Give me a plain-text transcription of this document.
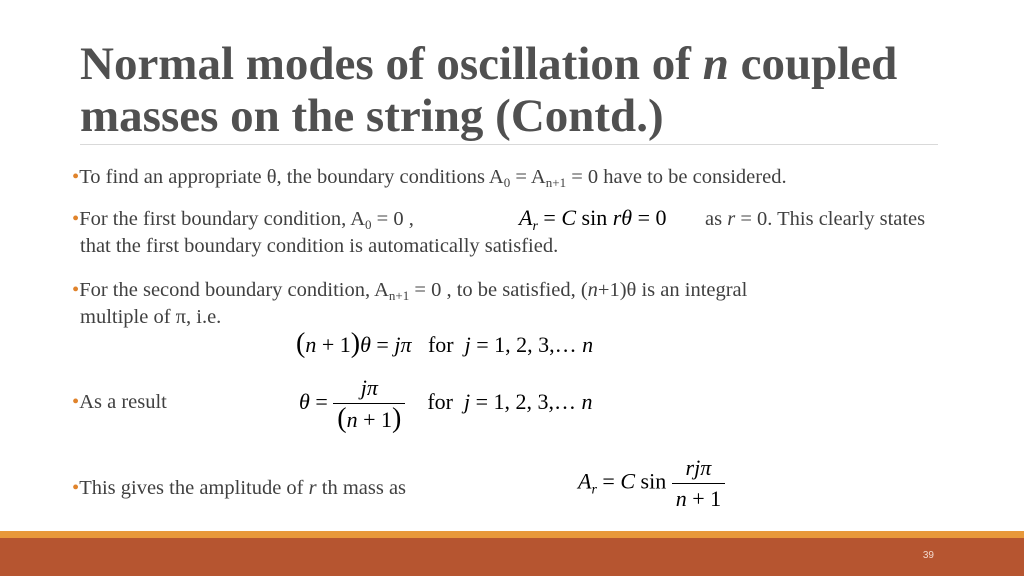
Normal modes of oscillation of n coupled
masses on the string (Contd.)
•To find an appropriate θ, the boundary conditions $A_0 = A_{n+1} = 0$ have to be considered.
•For the first boundary condition, $A_0 = 0$ ,	$A_r = C$ sin rθ = 0 as r = 0. This clearly states
that the first boundary condition is automatically satisfied.
•For the second boundary condition, $A_{n+1} = 0$ , to be satisfied, (n+1)θ is an integral
multiple of π, i.e.
(n + 1)θ = jπ for j = 1, 2, 3,… n
•As a result	$\theta = \frac{j\pi}{(n + 1)}$ for j = 1, 2, 3,… n
•This gives the amplitude of r th mass as	$A_r = C$ $\sin \frac{\text{rjπ}}{n + 1}$
39
